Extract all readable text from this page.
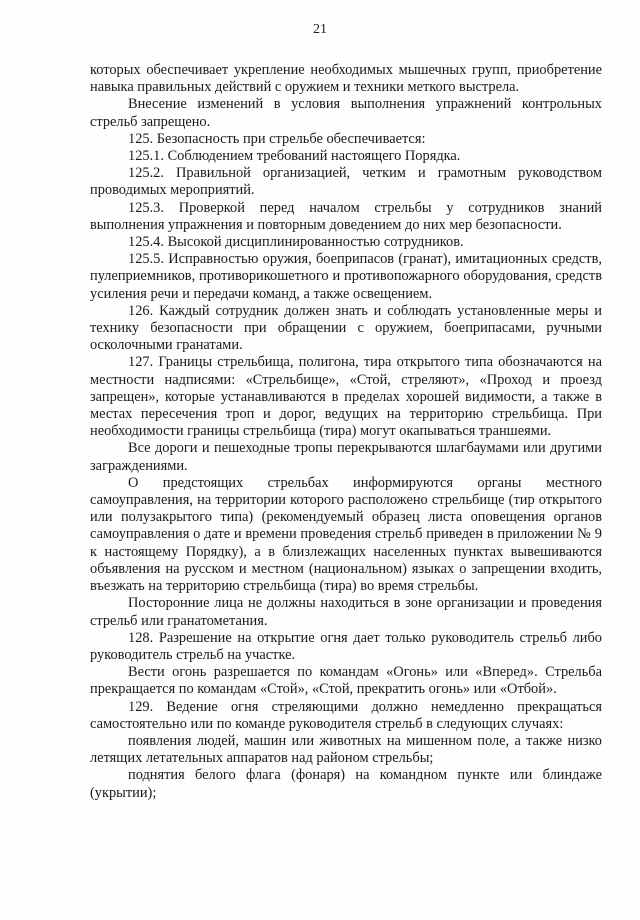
21

которых обеспечивает укрепление необходимых мышечных групп, приобретение навыка правильных действий с оружием и техники меткого выстрела.

Внесение изменений в условия выполнения упражнений контрольных стрельб запрещено.

125. Безопасность при стрельбе обеспечивается:

125.1. Соблюдением требований настоящего Порядка.

125.2. Правильной организацией, четким и грамотным руководством проводимых мероприятий.

125.3. Проверкой перед началом стрельбы у сотрудников знаний выполнения упражнения и повторным доведением до них мер безопасности.

125.4. Высокой дисциплинированностью сотрудников.

125.5. Исправностью оружия, боеприпасов (гранат), имитационных средств, пулеприемников, противорикошетного и противопожарного оборудования, средств усиления речи и передачи команд, а также освещением.

126. Каждый сотрудник должен знать и соблюдать установленные меры и технику безопасности при обращении с оружием, боеприпасами, ручными осколочными гранатами.

127. Границы стрельбища, полигона, тира открытого типа обозначаются на местности надписями: «Стрельбище», «Стой, стреляют», «Проход и проезд запрещен», которые устанавливаются в пределах хорошей видимости, а также в местах пересечения троп и дорог, ведущих на территорию стрельбища. При необходимости границы стрельбища (тира) могут окапываться траншеями.

Все дороги и пешеходные тропы перекрываются шлагбаумами или другими заграждениями.

О предстоящих стрельбах информируются органы местного самоуправления, на территории которого расположено стрельбище (тир открытого или полузакрытого типа) (рекомендуемый образец листа оповещения органов самоуправления о дате и времени проведения стрельб приведен в приложении № 9 к настоящему Порядку), а в близлежащих населенных пунктах вывешиваются объявления на русском и местном (национальном) языках о запрещении входить, въезжать на территорию стрельбища (тира) во время стрельбы.

Посторонние лица не должны находиться в зоне организации и проведения стрельб или гранатометания.

128. Разрешение на открытие огня дает только руководитель стрельб либо руководитель стрельб на участке.

Вести огонь разрешается по командам «Огонь» или «Вперед». Стрельба прекращается по командам «Стой», «Стой, прекратить огонь» или «Отбой».

129. Ведение огня стреляющими должно немедленно прекращаться самостоятельно или по команде руководителя стрельб в следующих случаях:

появления людей, машин или животных на мишенном поле, а также низко летящих летательных аппаратов над районом стрельбы;

поднятия белого флага (фонаря) на командном пункте или блиндаже (укрытии);
